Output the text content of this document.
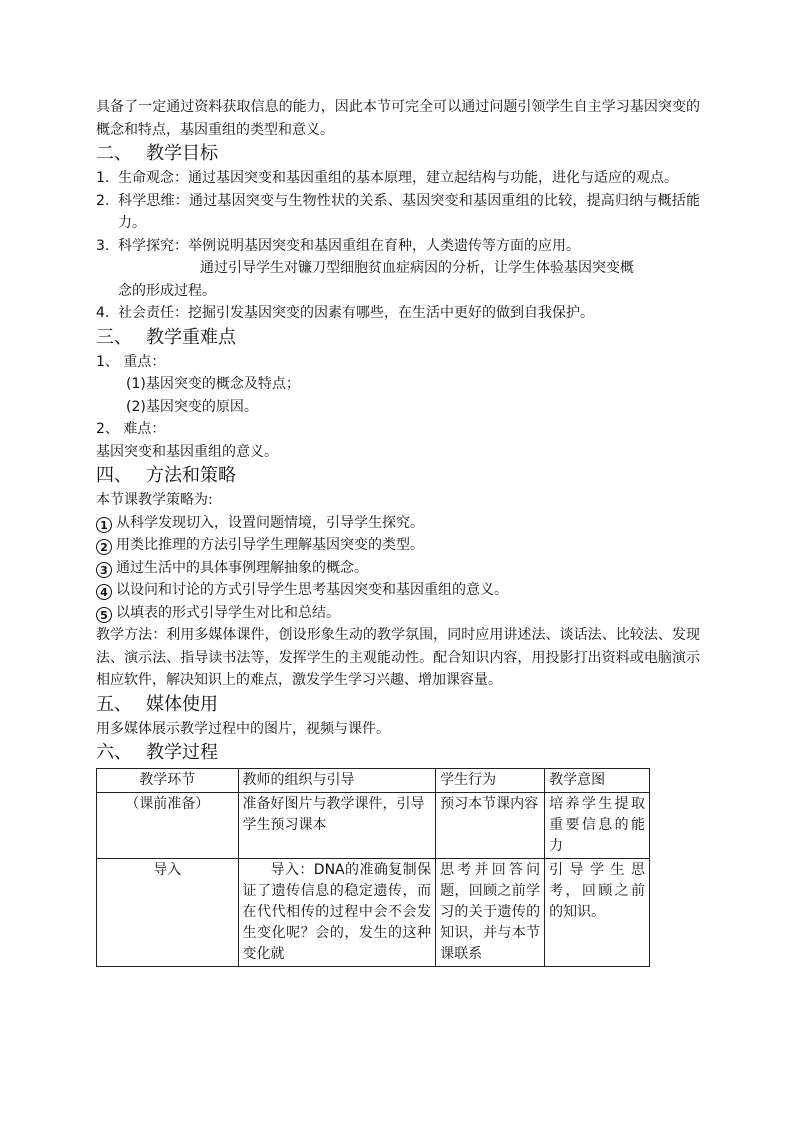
具备了一定通过资料获取信息的能力，因此本节可完全可以通过问题引领学生自主学习基因突变的概念和特点，基因重组的类型和意义。

二、 教学目标
1. 生命观念：通过基因突变和基因重组的基本原理，建立起结构与功能，进化与适应的观点。
2. 科学思维：通过基因突变与生物性状的关系、基因突变和基因重组的比较，提高归纳与概括能力。
3. 科学探究：举例说明基因突变和基因重组在育种，人类遗传等方面的应用。
通过引导学生对镰刀型细胞贫血症病因的分析，让学生体验基因突变概
念的形成过程。
4. 社会责任：挖掘引发基因突变的因素有哪些，在生活中更好的做到自我保护。
三、 教学重难点

1、 重点：

(1)基因突变的概念及特点；

(2)基因突变的原因。

2、 难点：

基因突变和基因重组的意义。

四、 方法和策略

本节课教学策略为:

1 从科学发现切入，设置问题情境，引导学生探究。

2 用类比推理的方法引导学生理解基因突变的类型。

3 通过生活中的具体事例理解抽象的概念。

4 以设问和讨论的方式引导学生思考基因突变和基因重组的意义。

5 以填表的形式引导学生对比和总结。

教学方法：利用多媒体课件，创设形象生动的教学氛围，同时应用讲述法、谈话法、比较法、发现法、演示法、指导读书法等，发挥学生的主观能动性。配合知识内容，用投影打出资料或电脑演示相应软件，解决知识上的难点，激发学生学习兴趣、增加课容量。

五、 媒体使用

用多媒体展示教学过程中的图片，视频与课件。

六、 教学过程
教学环节	教师的组织与引导	学生行为	教学意图
（课前准备）	准备好图片与教学课件，引导学生预习课本	预习本节课内容	培养学生提取重要信息的能力
导入	导入：DNA的准确复制保证了遗传信息的稳定遗传，而在代代相传的过程中会不会发生变化呢？会的，发生的这种变化就	思考并回答问题，回顾之前学习的关于遗传的知识，并与本节课联系	引导学生思考，回顾之前的知识。
